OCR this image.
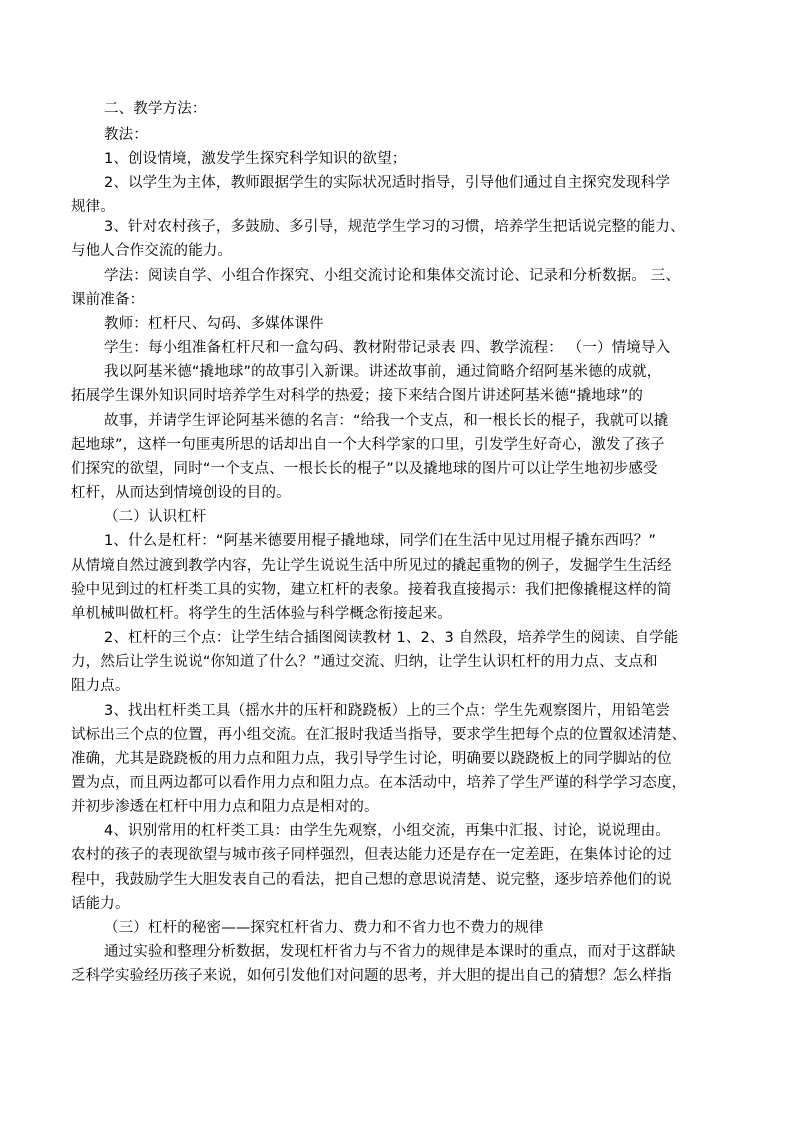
二、教学方法：
教法：
1、创设情境，激发学生探究科学知识的欲望；
2、以学生为主体，教师跟据学生的实际状况适时指导，引导他们通过自主探究发现科学
规律。
3、针对农村孩子，多鼓励、多引导，规范学生学习的习惯，培养学生把话说完整的能力、
与他人合作交流的能力。
学法：阅读自学、小组合作探究、小组交流讨论和集体交流讨论、记录和分析数据。 三、
课前准备：
教师：杠杆尺、勾码、多媒体课件
学生：每小组准备杠杆尺和一盒勾码、教材附带记录表 四、教学流程： （一）情境导入
我以阿基米德“撬地球”的故事引入新课。讲述故事前，通过简略介绍阿基米德的成就，
拓展学生课外知识同时培养学生对科学的热爱；接下来结合图片讲述阿基米德“撬地球”的
故事，并请学生评论阿基米德的名言：“给我一个支点，和一根长长的棍子，我就可以撬
起地球”，这样一句匪夷所思的话却出自一个大科学家的口里，引发学生好奇心，激发了孩子
们探究的欲望，同时“一个支点、一根长长的棍子”以及撬地球的图片可以让学生地初步感受
杠杆，从而达到情境创设的目的。
（二）认识杠杆
1、什么是杠杆：“阿基米德要用棍子撬地球，同学们在生活中见过用棍子撬东西吗？”
从情境自然过渡到教学内容，先让学生说说生活中所见过的撬起重物的例子，发掘学生生活经
验中见到过的杠杆类工具的实物，建立杠杆的表象。接着我直接揭示：我们把像撬棍这样的简
单机械叫做杠杆。将学生的生活体验与科学概念衔接起来。
2、杠杆的三个点：让学生结合插图阅读教材 1、2、3 自然段，培养学生的阅读、自学能
力，然后让学生说说“你知道了什么？”通过交流、归纳，让学生认识杠杆的用力点、支点和
阻力点。
3、找出杠杆类工具（摇水井的压杆和跷跷板）上的三个点：学生先观察图片，用铅笔尝
试标出三个点的位置，再小组交流。在汇报时我适当指导，要求学生把每个点的位置叙述清楚、
准确，尤其是跷跷板的用力点和阻力点，我引导学生讨论，明确要以跷跷板上的同学脚站的位
置为点，而且两边都可以看作用力点和阻力点。在本活动中，培养了学生严谨的科学学习态度，
并初步渗透在杠杆中用力点和阻力点是相对的。
4、识别常用的杠杆类工具：由学生先观察，小组交流，再集中汇报、讨论，说说理由。
农村的孩子的表现欲望与城市孩子同样强烈，但表达能力还是存在一定差距，在集体讨论的过
程中，我鼓励学生大胆发表自己的看法，把自己想的意思说清楚、说完整，逐步培养他们的说
话能力。
（三）杠杆的秘密——探究杠杆省力、费力和不省力也不费力的规律
通过实验和整理分析数据，发现杠杆省力与不省力的规律是本课时的重点，而对于这群缺
乏科学实验经历孩子来说，如何引发他们对问题的思考，并大胆的提出自己的猜想？怎么样指
